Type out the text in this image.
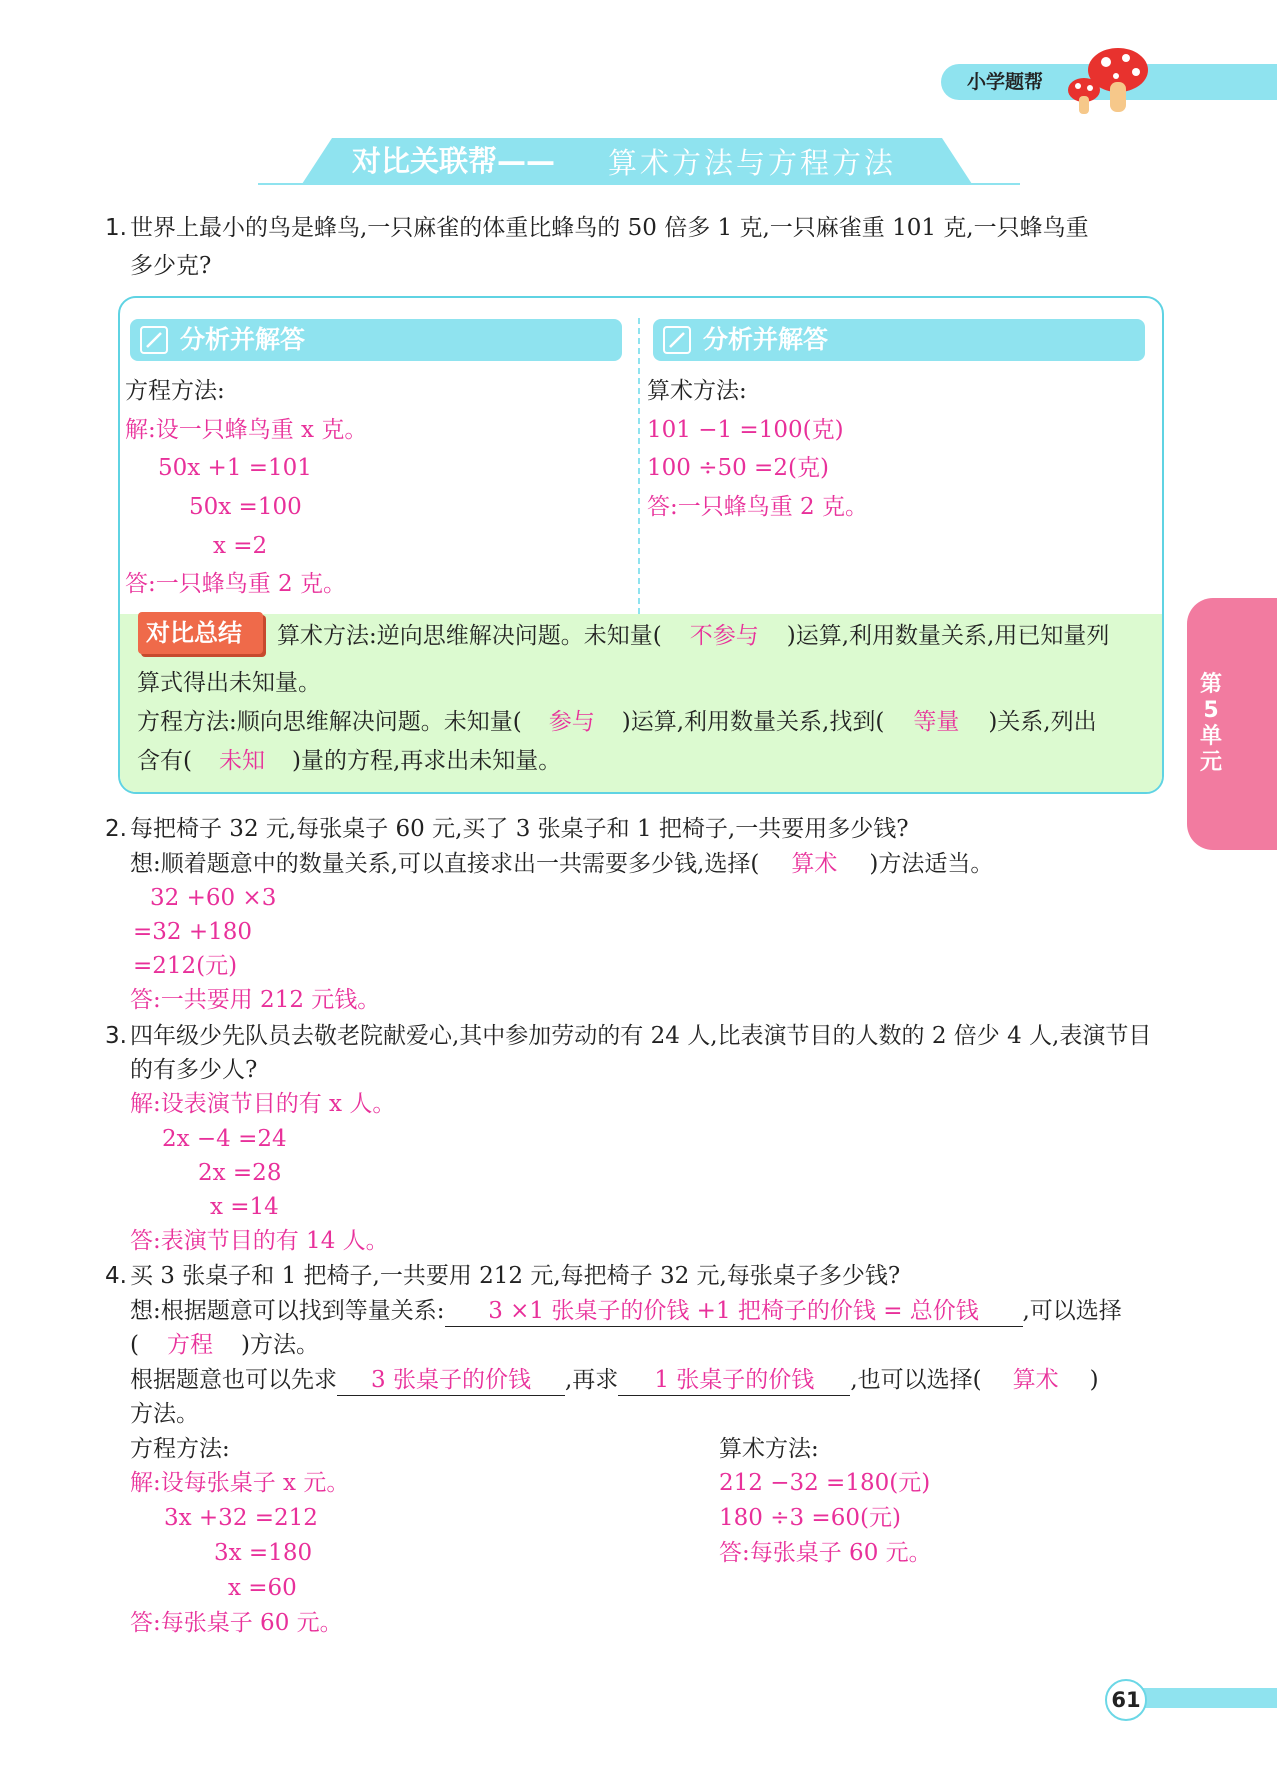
小学题帮
对比关联帮—— 算术方法与方程方法
1. 世界上最小的鸟是蜂鸟,一只麻雀的体重比蜂鸟的 50 倍多 1 克,一只麻雀重 101 克,一只蜂鸟重
多少克?
分析并解答	分析并解答
方程方法:
解:设一只蜂鸟重 x 克。
50x +1 =101
50x =100
x =2
答:一只蜂鸟重 2 克。
算术方法:
101 −1 =100(克)
100 ÷50 =2(克)
答:一只蜂鸟重 2 克。
对比总结 算术方法:逆向思维解决问题。未知量( 不参与 )运算,利用数量关系,用已知量列
算式得出未知量。
方程方法:顺向思维解决问题。未知量( 参与 )运算,利用数量关系,找到( 等量 )关系,列出
含有( 未知 )量的方程,再求出未知量。
2. 每把椅子 32 元,每张桌子 60 元,买了 3 张桌子和 1 把椅子,一共要用多少钱?
想:顺着题意中的数量关系,可以直接求出一共需要多少钱,选择( 算术 )方法适当。
32 +60 ×3
=32 +180
=212(元)
答:一共要用 212 元钱。
3. 四年级少先队员去敬老院献爱心,其中参加劳动的有 24 人,比表演节目的人数的 2 倍少 4 人,表演节目
的有多少人?
解:设表演节目的有 x 人。
2x −4 =24
2x =28
x =14
答:表演节目的有 14 人。
4. 买 3 张桌子和 1 把椅子,一共要用 212 元,每把椅子 32 元,每张桌子多少钱?
想:根据题意可以找到等量关系: 3 ×1 张桌子的价钱 +1 把椅子的价钱 = 总价钱 ,可以选择
( 方程 )方法。
根据题意也可以先求 3 张桌子的价钱 ,再求 1 张桌子的价钱 ,也可以选择( 算术 )
方法。
方程方法:
解:设每张桌子 x 元。
3x +32 =212
3x =180
x =60
答:每张桌子 60 元。
算术方法:
212 −32 =180(元)
180 ÷3 =60(元)
答:每张桌子 60 元。
第5单元
61
